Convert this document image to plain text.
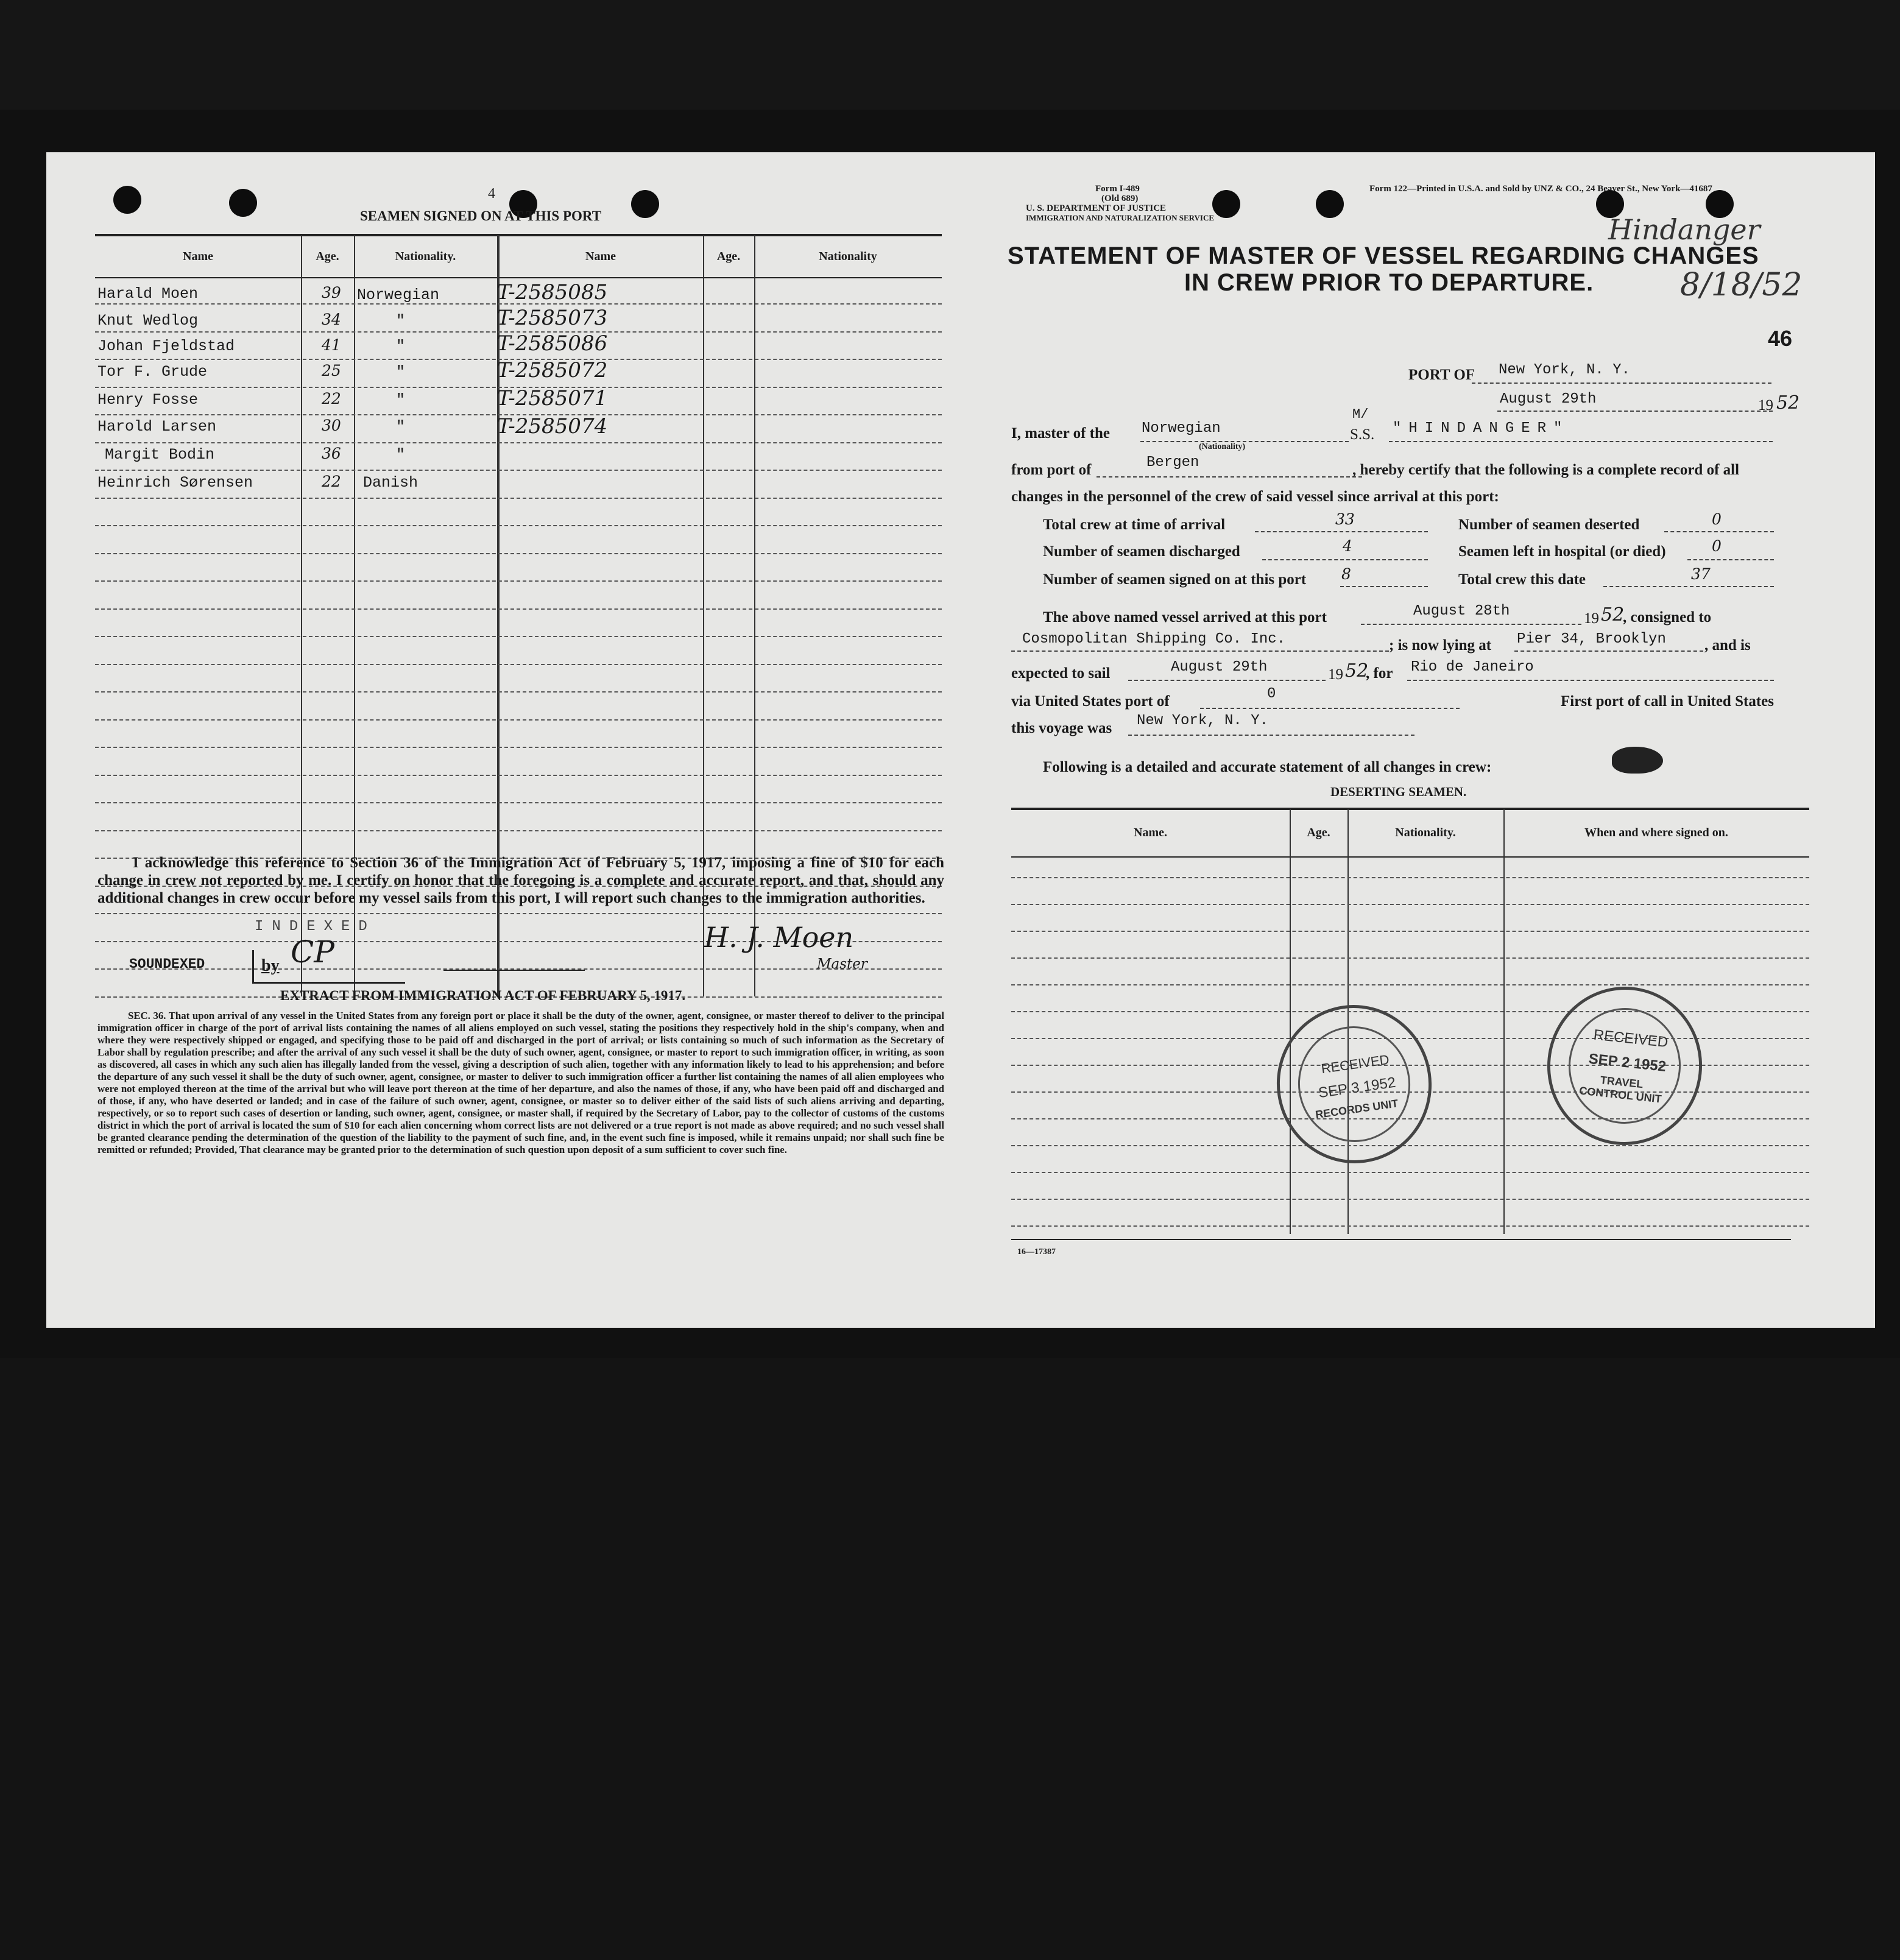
4
SEAMEN SIGNED ON AT THIS PORT
Name	Age.	Nationality.	Name	Age.	Nationality
Harald Moen	39 Norwegian	T-2585085
Knut Wedlog	34	"	T-2585073
Johan Fjeldstad	41	"	T-2585086
Tor F. Grude	25	"	T-2585072
Henry Fosse	22	"	T-2585071
Harold Larsen	30	"	T-2585074
Margit Bodin	36	"
Heinrich Sørensen	22 Danish
I acknowledge this reference to Section 36 of the Immigration Act of February 5, 1917, imposing a fine of $10 for each change in crew not reported by me. I certify on honor that the foregoing is a complete and accurate report, and that, should any additional changes in crew occur before my vessel sails from this port, I will report such changes to the immigration authorities.
INDEXED
SOUNDEXED	by CP	H. J. Moen
Master
EXTRACT FROM IMMIGRATION ACT OF FEBRUARY 5, 1917.
SEC. 36. That upon arrival of any vessel in the United States from any foreign port or place it shall be the duty of the owner, agent, consignee, or master thereof to deliver to the principal immigration officer in charge of the port of arrival lists containing the names of all aliens employed on such vessel, stating the positions they respectively hold in the ship's company, when and where they were respectively shipped or engaged, and specifying those to be paid off and discharged in the port of arrival; or lists containing so much of such information as the Secretary of Labor shall by regulation prescribe; and after the arrival of any such vessel it shall be the duty of such owner, agent, consignee, or master to report to such immigration officer, in writing, as soon as discovered, all cases in which any such alien has illegally landed from the vessel, giving a description of such alien, together with any information likely to lead to his apprehension; and before the departure of any such vessel it shall be the duty of such owner, agent, consignee, or master to deliver to such immigration officer a further list containing the names of all alien employees who were not employed thereon at the time of the arrival but who will leave port thereon at the time of her departure, and also the names of those, if any, who have been paid off and discharged and of those, if any, who have deserted or landed; and in case of the failure of such owner, agent, consignee, or master so to deliver either of the said lists of such aliens arriving and departing, respectively, or so to report such cases of desertion or landing, such owner, agent, consignee, or master shall, if required by the Secretary of Labor, pay to the collector of customs of the customs district in which the port of arrival is located the sum of $10 for each alien concerning whom correct lists are not delivered or a true report is not made as above required; and no such vessel shall be granted clearance pending the determination of the question of the liability to the payment of such fine, and, in the event such fine is imposed, while it remains unpaid; nor shall such fine be remitted or refunded; Provided, That clearance may be granted prior to the determination of such question upon deposit of a sum sufficient to cover such fine.
Form I-489
(Old 689)
U. S. DEPARTMENT OF JUSTICE
IMMIGRATION AND NATURALIZATION SERVICE
Form 122—Printed in U.S.A. and Sold by UNZ & CO., 24 Beaver St., New York—41687
Hindanger
8/18/52
STATEMENT OF MASTER OF VESSEL REGARDING CHANGES
IN CREW PRIOR TO DEPARTURE.
46
PORT OF New York, N. Y.
August 29th	19 52
I, master of the Norwegian
(Nationality)
M/
S.S. "HINDANGER"
from port of	Bergen	, hereby certify that the following is a complete record of all
changes in the personnel of the crew of said vessel since arrival at this port:
Total crew at time of arrival	33	Number of seamen deserted	0
Number of seamen discharged	4	Seamen left in hospital (or died)	0
Number of seamen signed on at this port 8	Total crew this date	37
The above named vessel arrived at this port	August 28th	19 52
, consigned to
Cosmopolitan Shipping Co. Inc.	; is now lying at Pier 34, Brooklyn	, and is
expected to sail	August 29th	19 52
, for Rio de Janeiro
via United States port of	0	First port of call in United States
this voyage was New York, N. Y.
Following is a detailed and accurate statement of all changes in crew:
DESERTING SEAMEN.
Name.	Age.	Nationality.	When and where signed on.
RECEIVED
SEP 3 1952
RECORDS UNIT
RECEIVED
SEP 2 1952
TRAVEL CONTROL UNIT
16—17387
